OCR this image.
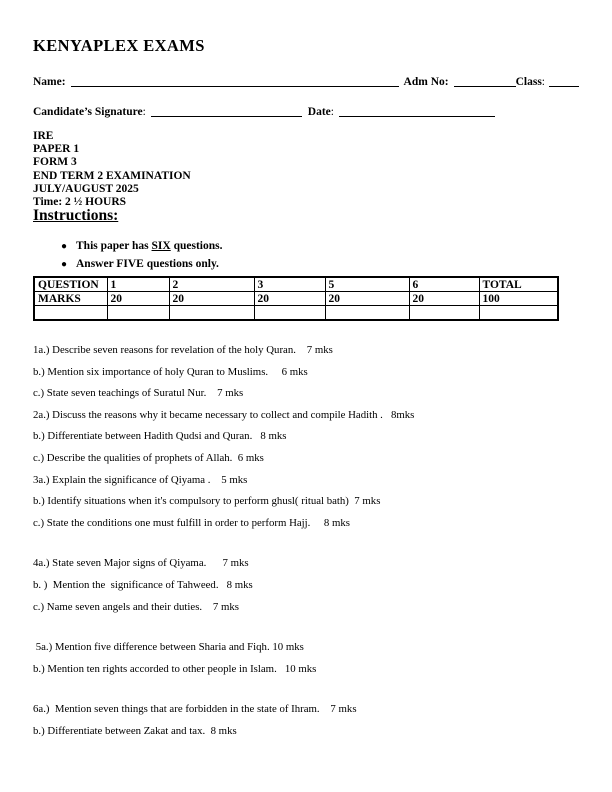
KENYAPLEX EXAMS
Name:	Adm No:	Class :
Candidate’s Signature :	Date :
IRE
PAPER 1
FORM 3
END TERM 2 EXAMINATION
JULY/AUGUST 2025
Time: 2 ½ HOURS
Instructions:
● This paper has SIX questions.
● Answer FIVE questions only.
QUESTION	1	2	3	5	6	TOTAL
MARKS	20	20	20	20	20	100

1a.) Describe seven reasons for revelation of the holy Quran.    7 mks
b.) Mention six importance of holy Quran to Muslims.     6 mks
c.) State seven teachings of Suratul Nur.    7 mks
2a.) Discuss the reasons why it became necessary to collect and compile Hadith .   8mks
b.) Differentiate between Hadith Qudsi and Quran.   8 mks
c.) Describe the qualities of prophets of Allah.  6 mks
3a.) Explain the significance of Qiyama .    5 mks
b.) Identify situations when it's compulsory to perform ghusl( ritual bath)  7 mks
c.) State the conditions one must fulfill in order to perform Hajj.     8 mks
4a.) State seven Major signs of Qiyama.      7 mks
b. )  Mention the  significance of Tahweed.   8 mks
c.) Name seven angels and their duties.    7 mks
5a.) Mention five difference between Sharia and Fiqh. 10 mks
b.) Mention ten rights accorded to other people in Islam.   10 mks
6a.)  Mention seven things that are forbidden in the state of Ihram.    7 mks
b.) Differentiate between Zakat and tax.  8 mks
